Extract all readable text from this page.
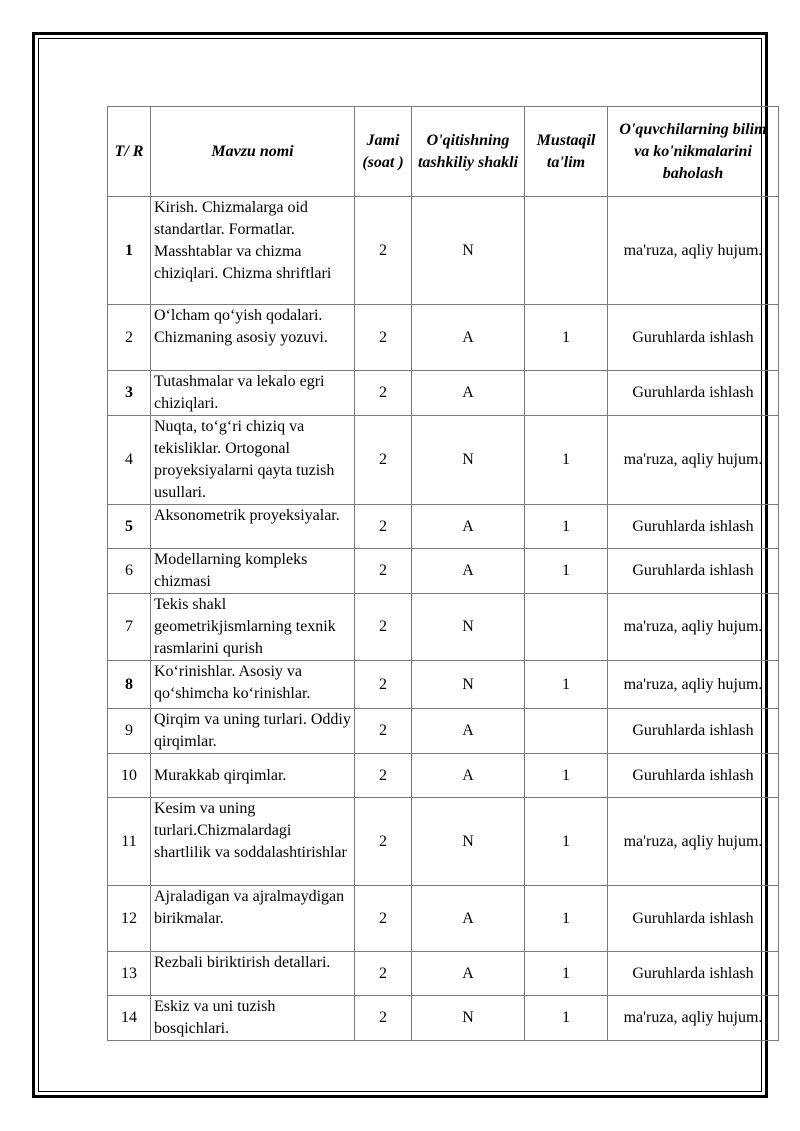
T/ R	Mavzu nomi	Jami (soat )	O'qitishning tashkiliy shakli	Mustaqil ta'lim	O'quvchilarning bilim va ko'nikmalarini baholash
1	Kirish. Chizmalarga oid standartlar. Formatlar. Masshtablar va chizma chiziqlari. Chizma shriftlari	2	N		ma'ruza, aqliy hujum.
2	O‘lcham qo‘yish qodalari. Chizmaning asosiy yozuvi.	2	A	1	Guruhlarda ishlash
3	Tutashmalar va lekalo egri chiziqlari.	2	A		Guruhlarda ishlash
4	Nuqta, to‘g‘ri chiziq va tekisliklar. Ortogonal proyeksiyalarni qayta tuzish usullari.	2	N	1	ma'ruza, aqliy hujum.
5	Aksonometrik proyeksiyalar.	2	A	1	Guruhlarda ishlash
6	Modellarning kompleks chizmasi	2	A	1	Guruhlarda ishlash
7	Tekis shakl geometrikjismlarning texnik rasmlarini qurish	2	N		ma'ruza, aqliy hujum.
8	Ko‘rinishlar. Asosiy va qo‘shimcha ko‘rinishlar.	2	N	1	ma'ruza, aqliy hujum.
9	Qirqim va uning turlari. Oddiy qirqimlar.	2	A		Guruhlarda ishlash
10	Murakkab qirqimlar.	2	A	1	Guruhlarda ishlash
11	Kesim va uning turlari.Chizmalardagi shartlilik va soddalashtirishlar	2	N	1	ma'ruza, aqliy hujum.
12	Ajraladigan va ajralmaydigan birikmalar.	2	A	1	Guruhlarda ishlash
13	Rezbali biriktirish detallari.	2	A	1	Guruhlarda ishlash
14	Eskiz va uni tuzish bosqichlari.	2	N	1	ma'ruza, aqliy hujum.
